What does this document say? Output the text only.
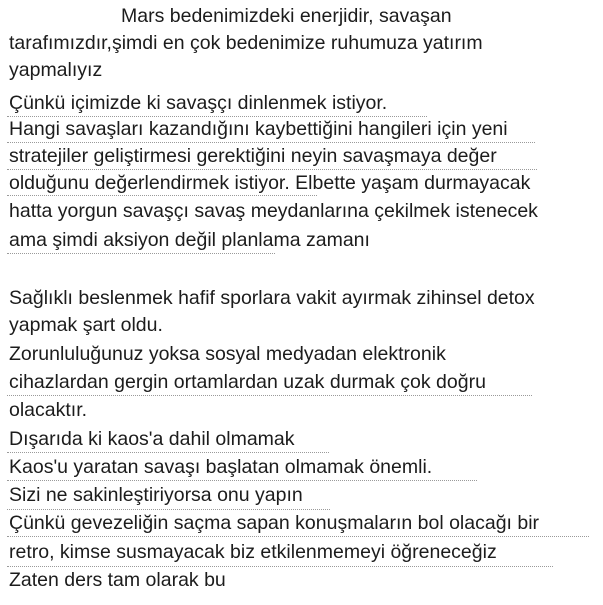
Mars bedenimizdeki enerjidir, savaşan
tarafımızdır,şimdi en çok bedenimize ruhumuza yatırım
yapmalıyız
Çünkü içimizde ki savaşçı dinlenmek istiyor.
Hangi savaşları kazandığını kaybettiğini hangileri için yeni
stratejiler geliştirmesi gerektiğini neyin savaşmaya değer
olduğunu değerlendirmek istiyor. Elbette yaşam durmayacak
hatta yorgun savaşçı savaş meydanlarına çekilmek istenecek
ama şimdi aksiyon değil planlama zamanı
Sağlıklı beslenmek hafif sporlara vakit ayırmak zihinsel detox
yapmak şart oldu.
Zorunluluğunuz yoksa sosyal medyadan elektronik
cihazlardan gergin ortamlardan uzak durmak çok doğru
olacaktır.
Dışarıda ki kaos'a dahil olmamak
Kaos'u yaratan savaşı başlatan olmamak önemli.
Sizi ne sakinleştiriyorsa onu yapın
Çünkü gevezeliğin saçma sapan konuşmaların bol olacağı bir
retro, kimse susmayacak biz etkilenmemeyi öğreneceğiz
Zaten ders tam olarak bu
